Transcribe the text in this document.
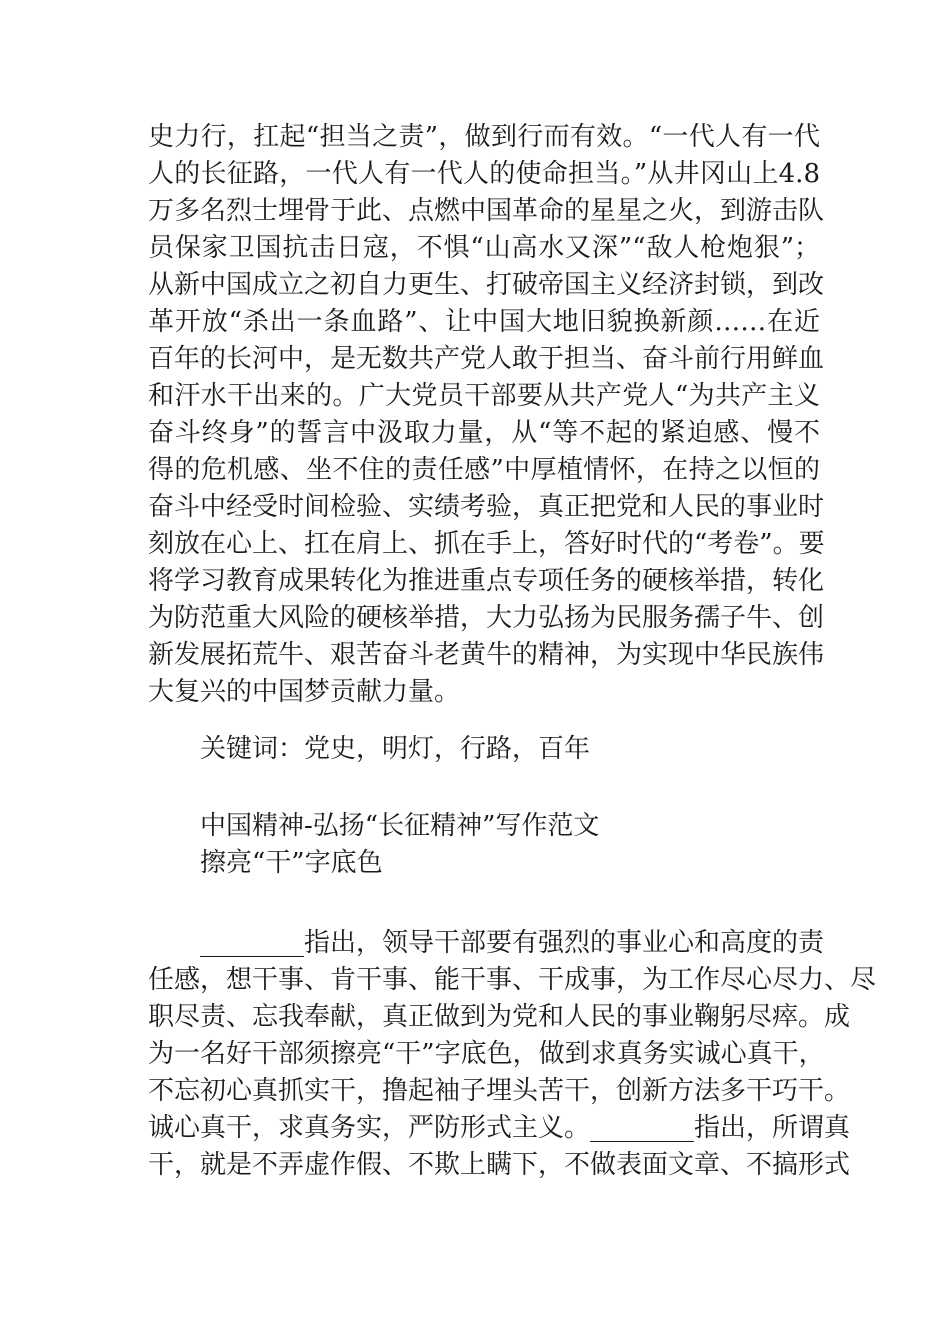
史力行，扛起“担当之责”，做到行而有效。“一代人有一代
人的长征路，一代人有一代人的使命担当。”从井冈山上4.8
万多名烈士埋骨于此、点燃中国革命的星星之火，到游击队
员保家卫国抗击日寇，不惧“山高水又深”“敌人枪炮狠”；
从新中国成立之初自力更生、打破帝国主义经济封锁，到改
革开放“杀出一条血路”、让中国大地旧貌换新颜……在近
百年的长河中，是无数共产党人敢于担当、奋斗前行用鲜血
和汗水干出来的。广大党员干部要从共产党人“为共产主义
奋斗终身”的誓言中汲取力量，从“等不起的紧迫感、慢不
得的危机感、坐不住的责任感”中厚植情怀，在持之以恒的
奋斗中经受时间检验、实绩考验，真正把党和人民的事业时
刻放在心上、扛在肩上、抓在手上，答好时代的“考卷”。要
将学习教育成果转化为推进重点专项任务的硬核举措，转化
为防范重大风险的硬核举措，大力弘扬为民服务孺子牛、创
新发展拓荒牛、艰苦奋斗老黄牛的精神，为实现中华民族伟
大复兴的中国梦贡献力量。
关键词：党史，明灯，行路，百年
中国精神-弘扬“长征精神”写作范文
擦亮“干”字底色
________指出，领导干部要有强烈的事业心和高度的责
任感，想干事、肯干事、能干事、干成事，为工作尽心尽力、尽
职尽责、忘我奉献，真正做到为党和人民的事业鞠躬尽瘁。成
为一名好干部须擦亮“干”字底色，做到求真务实诚心真干，
不忘初心真抓实干，撸起袖子埋头苦干，创新方法多干巧干。
诚心真干，求真务实，严防形式主义。________指出，所谓真
干，就是不弄虚作假、不欺上瞒下，不做表面文章、不搞形式
